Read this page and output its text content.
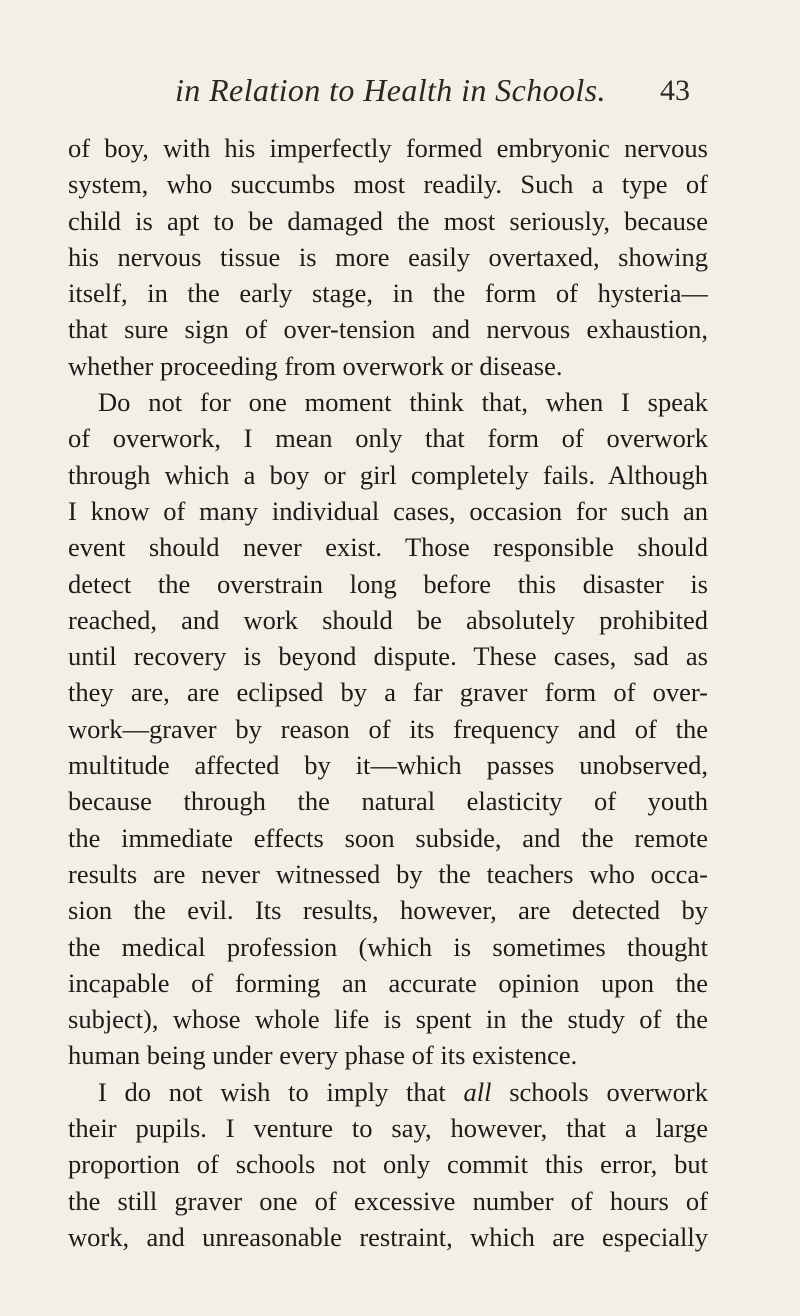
in Relation to Health in Schools. 43
of boy, with his imperfectly formed embryonic nervous
system, who succumbs most readily. Such a type of
child is apt to be damaged the most seriously, because
his nervous tissue is more easily overtaxed, showing
itself, in the early stage, in the form of hysteria—
that sure sign of over-tension and nervous exhaustion,
whether proceeding from overwork or disease.
Do not for one moment think that, when I speak
of overwork, I mean only that form of overwork
through which a boy or girl completely fails. Although
I know of many individual cases, occasion for such an
event should never exist. Those responsible should
detect the overstrain long before this disaster is
reached, and work should be absolutely prohibited
until recovery is beyond dispute. These cases, sad as
they are, are eclipsed by a far graver form of over-
work—graver by reason of its frequency and of the
multitude affected by it—which passes unobserved,
because through the natural elasticity of youth
the immediate effects soon subside, and the remote
results are never witnessed by the teachers who occa-
sion the evil. Its results, however, are detected by
the medical profession (which is sometimes thought
incapable of forming an accurate opinion upon the
subject), whose whole life is spent in the study of the
human being under every phase of its existence.
I do not wish to imply that all schools overwork
their pupils. I venture to say, however, that a large
proportion of schools not only commit this error, but
the still graver one of excessive number of hours of
work, and unreasonable restraint, which are especially
